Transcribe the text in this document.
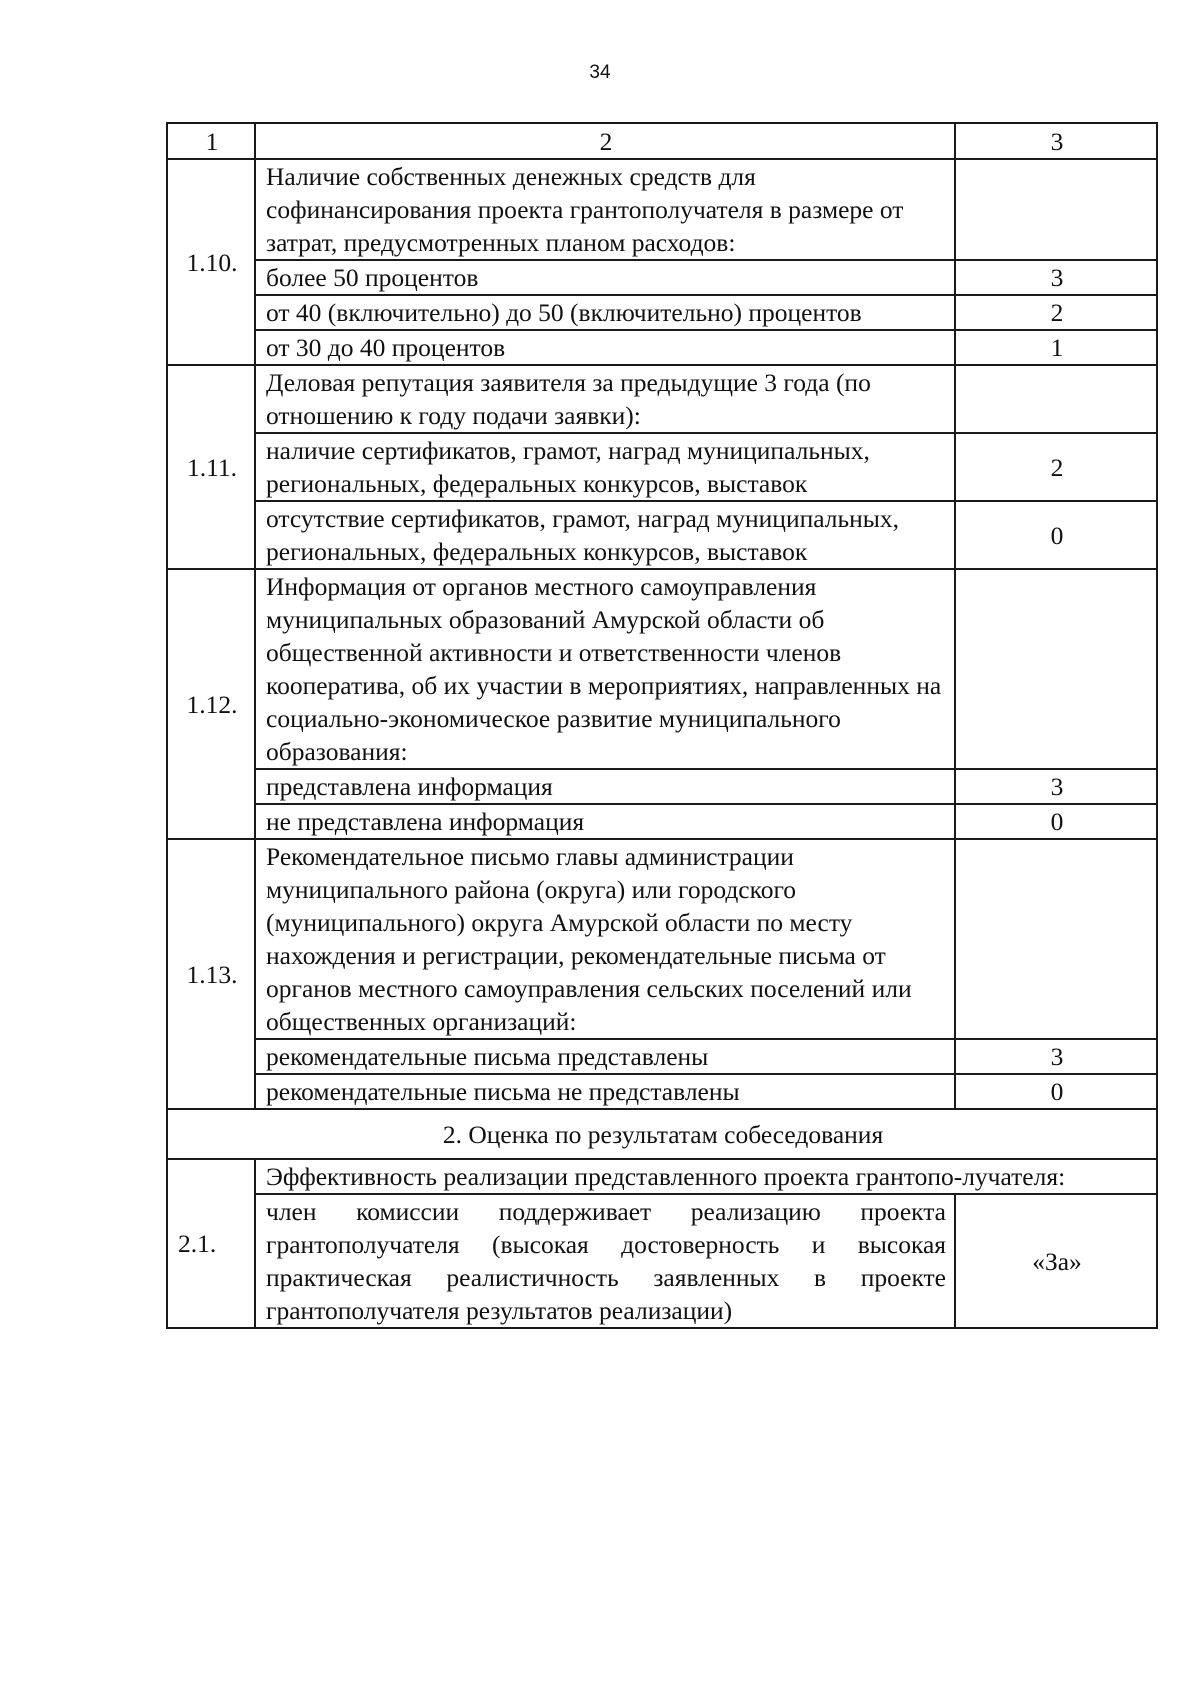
34
1	2	3
1.10.	Наличие собственных денежных средств для софинансирования проекта грантополучателя в размере от затрат, предусмотренных планом расходов:	
	более 50 процентов	3
	от 40 (включительно) до 50 (включительно) процентов	2
	от 30 до 40 процентов	1
1.11.	Деловая репутация заявителя за предыдущие 3 года (по отношению к году подачи заявки):	
	наличие сертификатов, грамот, наград муниципальных, региональных, федеральных конкурсов, выставок	2
	отсутствие сертификатов, грамот, наград муниципальных, региональных, федеральных конкурсов, выставок	0
1.12.	Информация от органов местного самоуправления муниципальных образований Амурской области об общественной активности и ответственности членов кооператива, об их участии в мероприятиях, направленных на социально-экономическое развитие муниципального образования:	
	представлена информация	3
	не представлена информация	0
1.13.	Рекомендательное письмо главы администрации муниципального района (округа) или городского (муниципального) округа Амурской области по месту нахождения и регистрации, рекомендательные письма от органов местного самоуправления сельских поселений или общественных организаций:	
	рекомендательные письма представлены	3
	рекомендательные письма не представлены	0
2. Оценка по результатам собеседования		
2.1.	Эффективность реализации представленного проекта грантопо-лучателя:	
	член комиссии поддерживает реализацию проекта грантополучателя (высокая достоверность и высокая практическая реалистичность заявленных в проекте грантополучателя результатов реализации)	«За»
